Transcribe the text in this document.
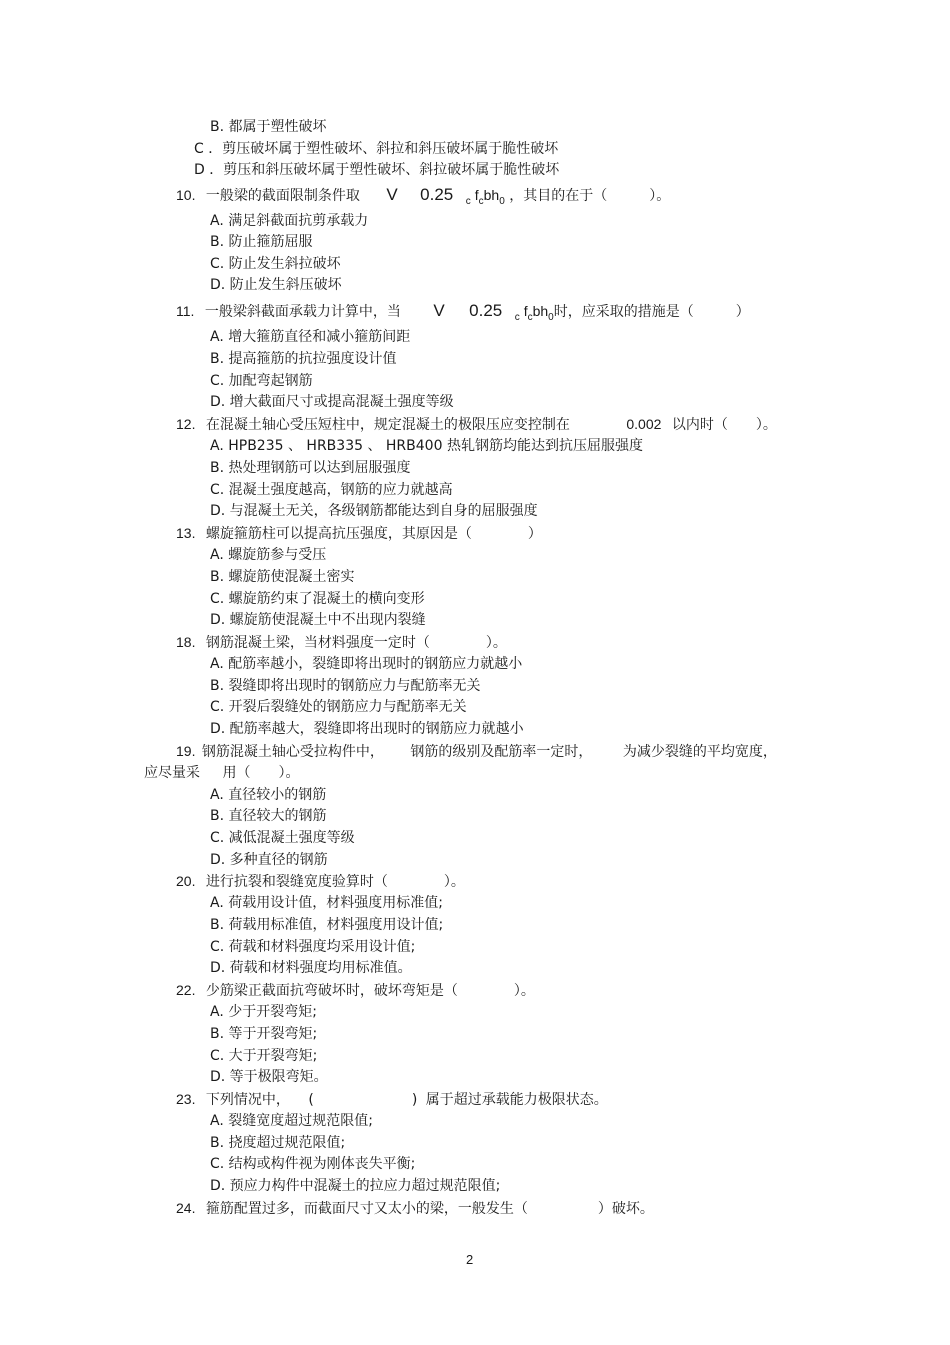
B. 都属于塑性破坏
C ．剪压破坏属于塑性破坏、斜拉和斜压破坏属于脆性破坏
D ．剪压和斜压破坏属于塑性破坏、斜拉破坏属于脆性破坏
10. 一般梁的截面限制条件取 V 0.25 $_c$ $f_cbh_0$ ，其目的在于（　　　）。
A. 满足斜截面抗剪承载力
B. 防止箍筋屈服
C. 防止发生斜拉破坏
D. 防止发生斜压破坏
11. 一般梁斜截面承载力计算中，当 V 0.25 $_c$ $f_cbh_0$时，应采取的措施是（　　　）
A. 增大箍筋直径和减小箍筋间距
B. 提高箍筋的抗拉强度设计值
C. 加配弯起钢筋
D. 增大截面尺寸或提高混凝土强度等级
12. 在混凝土轴心受压短柱中，规定混凝土的极限压应变控制在	0.002 以内时（　　）。
A. HPB235 、 HRB335 、 HRB400 热轧钢筋均能达到抗压屈服强度
B. 热处理钢筋可以达到屈服强度
C. 混凝土强度越高，钢筋的应力就越高
D. 与混凝土无关，各级钢筋都能达到自身的屈服强度
13. 螺旋箍筋柱可以提高抗压强度，其原因是（　　　　）
A. 螺旋筋参与受压
B. 螺旋筋使混凝土密实
C. 螺旋筋约束了混凝土的横向变形
D. 螺旋筋使混凝土中不出现内裂缝
18. 钢筋混凝土梁，当材料强度一定时（　　　　）。
A. 配筋率越小，裂缝即将出现时的钢筋应力就越小
B. 裂缝即将出现时的钢筋应力与配筋率无关
C. 开裂后裂缝处的钢筋应力与配筋率无关
D. 配筋率越大，裂缝即将出现时的钢筋应力就越小
19. 钢筋混凝土轴心受拉构件中， 钢筋的级别及配筋率一定时， 为减少裂缝的平均宽度，
应尽量采 用（　　）。
A. 直径较小的钢筋
B. 直径较大的钢筋
C. 减低混凝土强度等级
D. 多种直径的钢筋
20. 进行抗裂和裂缝宽度验算时（　　　　）。
A. 荷载用设计值，材料强度用标准值;
B. 荷载用标准值，材料强度用设计值;
C. 荷载和材料强度均采用设计值;
D. 荷载和材料强度均用标准值。
22. 少筋梁正截面抗弯破坏时，破坏弯矩是（　　　　）。
A. 少于开裂弯矩;
B. 等于开裂弯矩;
C. 大于开裂弯矩;
D. 等于极限弯矩。
23. 下列情况中， (　　　　　　　) 属于超过承载能力极限状态。
A. 裂缝宽度超过规范限值;
B. 挠度超过规范限值;
C. 结构或构件视为刚体丧失平衡;
D. 预应力构件中混凝土的拉应力超过规范限值;
24. 箍筋配置过多，而截面尺寸又太小的梁，一般发生（　　　　　）破坏。
2
